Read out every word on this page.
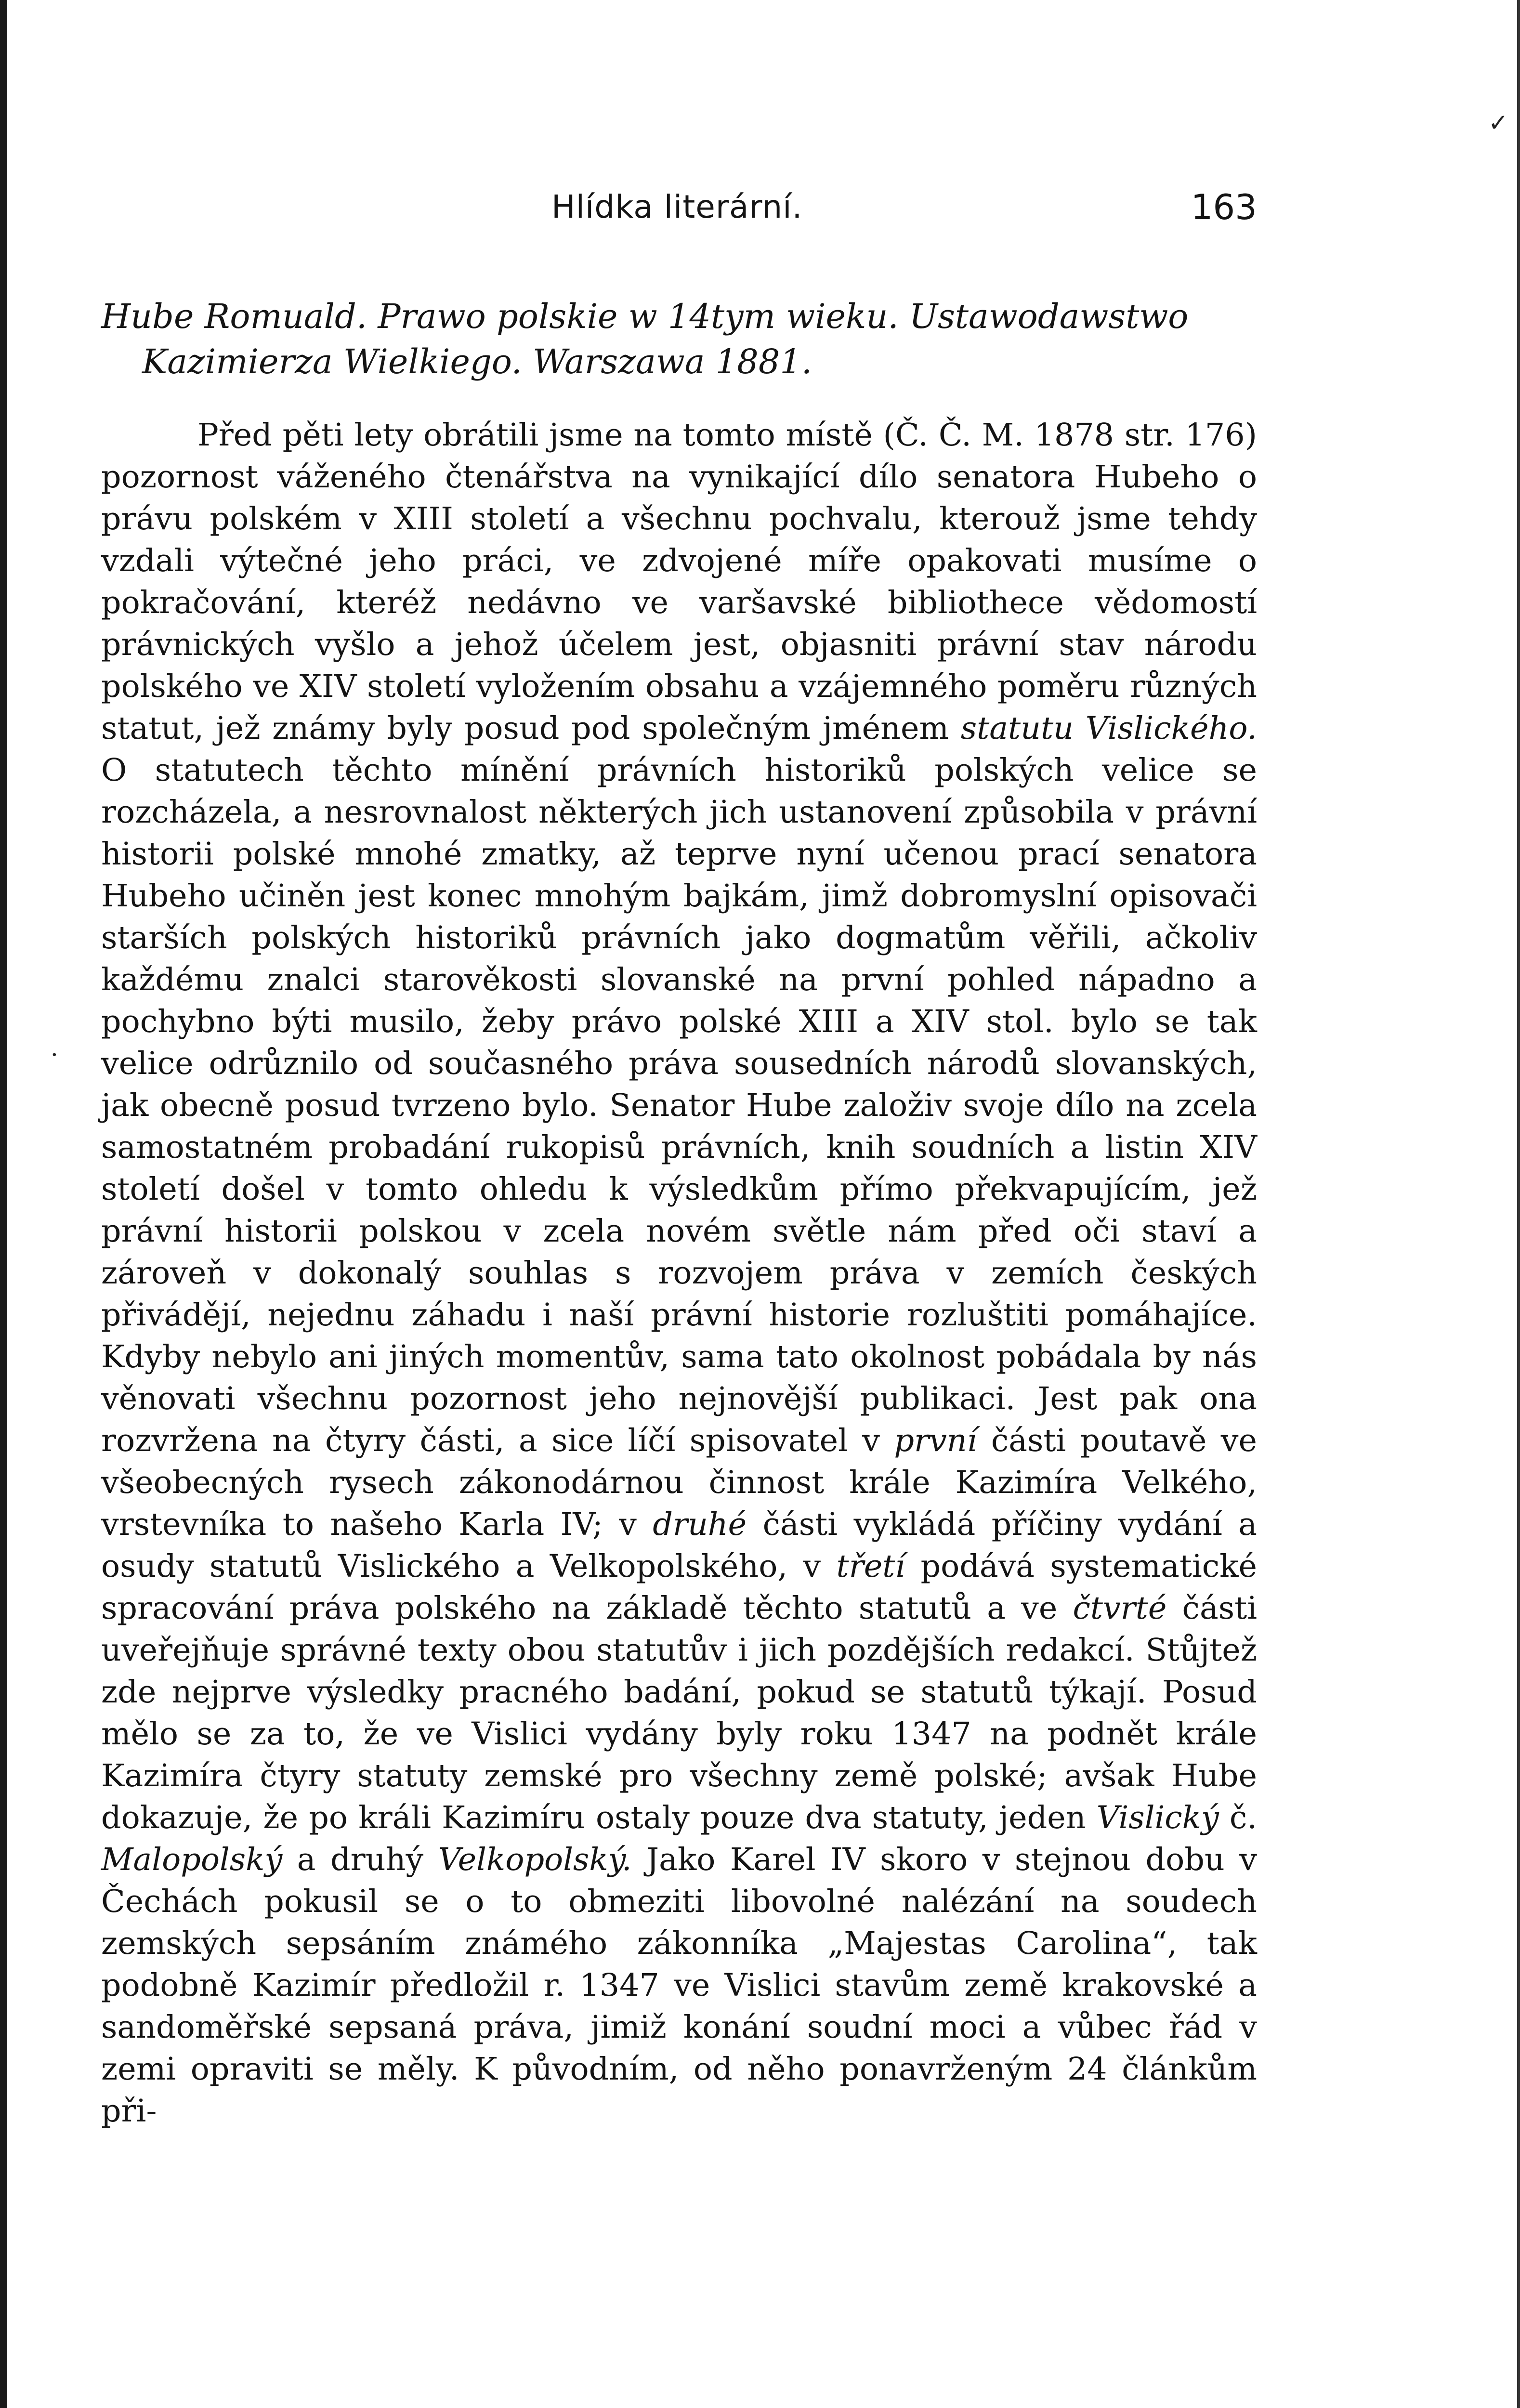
Hlídka literární.	163
Hube Romuald. Prawo polskie w 14tym wieku. Ustawodawstwo
Kazimierza Wielkiego. Warszawa 1881.

Před pěti lety obrátili jsme na tomto místě (Č. Č. M. 1878 str. 176) pozornost váženého čtenářstva na vynikající dílo senatora Hubeho o právu polském v XIII století a všechnu pochvalu, kterouž jsme tehdy vzdali výtečné jeho práci, ve zdvojené míře opakovati musíme o pokračování, kteréž nedávno ve varšavské bibliothece vědomostí právnických vyšlo a jehož účelem jest, objasniti právní stav národu polského ve XIV století vyložením obsahu a vzájemného poměru různých statut, jež známy byly posud pod společným jménem statutu Vislického. O statutech těchto mínění právních historiků polských velice se rozcházela, a nesrovnalost některých jich ustanovení způsobila v právní historii polské mnohé zmatky, až teprve nyní učenou prací senatora Hubeho učiněn jest konec mnohým bajkám, jimž dobromyslní opisovači starších polských historiků právních jako dogmatům věřili, ačkoliv každému znalci starověkosti slovanské na první pohled nápadno a pochybno býti musilo, žeby právo polské XIII a XIV stol. bylo se tak velice odrůznilo od současného práva sousedních národů slovanských, jak obecně posud tvrzeno bylo. Senator Hube založiv svoje dílo na zcela samostatném probadání rukopisů právních, knih soudních a listin XIV století došel v tomto ohledu k výsledkům přímo překvapujícím, jež právní historii polskou v zcela novém světle nám před oči staví a zároveň v dokonalý souhlas s rozvojem práva v zemích českých přivádějí, nejednu záhadu i naší právní historie rozluštiti pomáhajíce. Kdyby nebylo ani jiných momentův, sama tato okolnost pobádala by nás věnovati všechnu pozornost jeho nejnovější publikaci. Jest pak ona rozvržena na čtyry části, a sice líčí spisovatel v první části poutavě ve všeobecných rysech zákonodárnou činnost krále Kazimíra Velkého, vrstevníka to našeho Karla IV; v druhé části vykládá příčiny vydání a osudy statutů Vislického a Velkopolského, v třetí podává systematické spracování práva polského na základě těchto statutů a ve čtvrté části uveřejňuje správné texty obou statutův i jich pozdějších redakcí. Stůjtež zde nejprve výsledky pracného badání, pokud se statutů týkají. Posud mělo se za to, že ve Vislici vydány byly roku 1347 na podnět krále Kazimíra čtyry statuty zemské pro všechny země polské; avšak Hube dokazuje, že po králi Kazimíru ostaly pouze dva statuty, jeden Vislický č. Malopolský a druhý Velkopolský. Jako Karel IV skoro v stejnou dobu v Čechách pokusil se o to obmeziti libovolné nalézání na soudech zemských sepsáním známého zákonníka „Majestas Carolina“, tak podobně Kazimír předložil r. 1347 ve Vislici stavům země krakovské a sandoměřské sepsaná práva, jimiž konání soudní moci a vůbec řád v zemi opraviti se měly. K původním, od něho ponavrženým 24 článkům při-

✓
·
